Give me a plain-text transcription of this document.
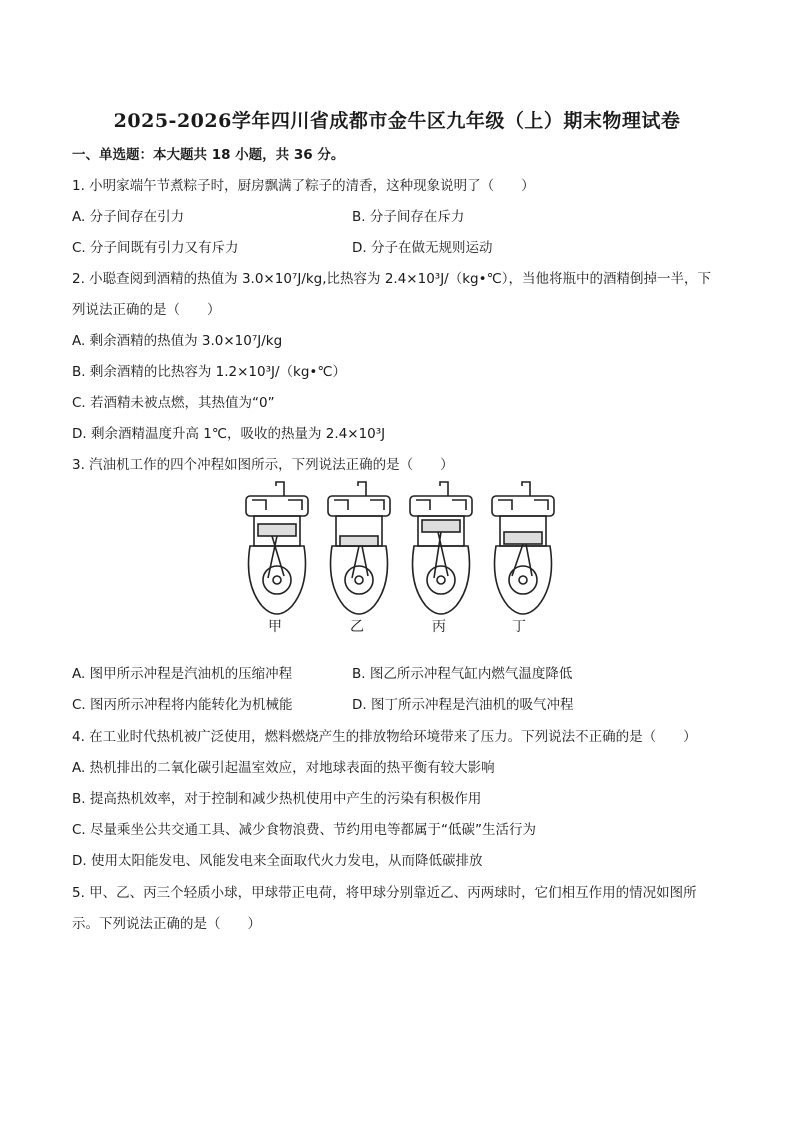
2025-2026学年四川省成都市金牛区九年级（上）期末物理试卷
一、单选题：本大题共 18 小题，共 36 分。
1. 小明家端午节煮粽子时，厨房飘满了粽子的清香，这种现象说明了（　　）
A. 分子间存在引力	B. 分子间存在斥力
C. 分子间既有引力又有斥力	D. 分子在做无规则运动
2. 小聪查阅到酒精的热值为 3.0×10⁷J/kg,比热容为 2.4×10³J/（kg•℃），当他将瓶中的酒精倒掉一半，下
列说法正确的是（　　）
A. 剩余酒精的热值为 3.0×10⁷J/kg
B. 剩余酒精的比热容为 1.2×10³J/（kg•℃）
C. 若酒精未被点燃，其热值为“0”
D. 剩余酒精温度升高 1℃，吸收的热量为 2.4×10³J
3. 汽油机工作的四个冲程如图所示，下列说法正确的是（　　）
甲	乙	丙	丁
A. 图甲所示冲程是汽油机的压缩冲程	B. 图乙所示冲程气缸内燃气温度降低
C. 图丙所示冲程将内能转化为机械能	D. 图丁所示冲程是汽油机的吸气冲程
4. 在工业时代热机被广泛使用，燃料燃烧产生的排放物给环境带来了压力。下列说法不正确的是（　　）
A. 热机排出的二氧化碳引起温室效应，对地球表面的热平衡有较大影响
B. 提高热机效率，对于控制和减少热机使用中产生的污染有积极作用
C. 尽量乘坐公共交通工具、减少食物浪费、节约用电等都属于“低碳”生活行为
D. 使用太阳能发电、风能发电来全面取代火力发电，从而降低碳排放
5. 甲、乙、丙三个轻质小球，甲球带正电荷，将甲球分别靠近乙、丙两球时，它们相互作用的情况如图所
示。下列说法正确的是（　　）
